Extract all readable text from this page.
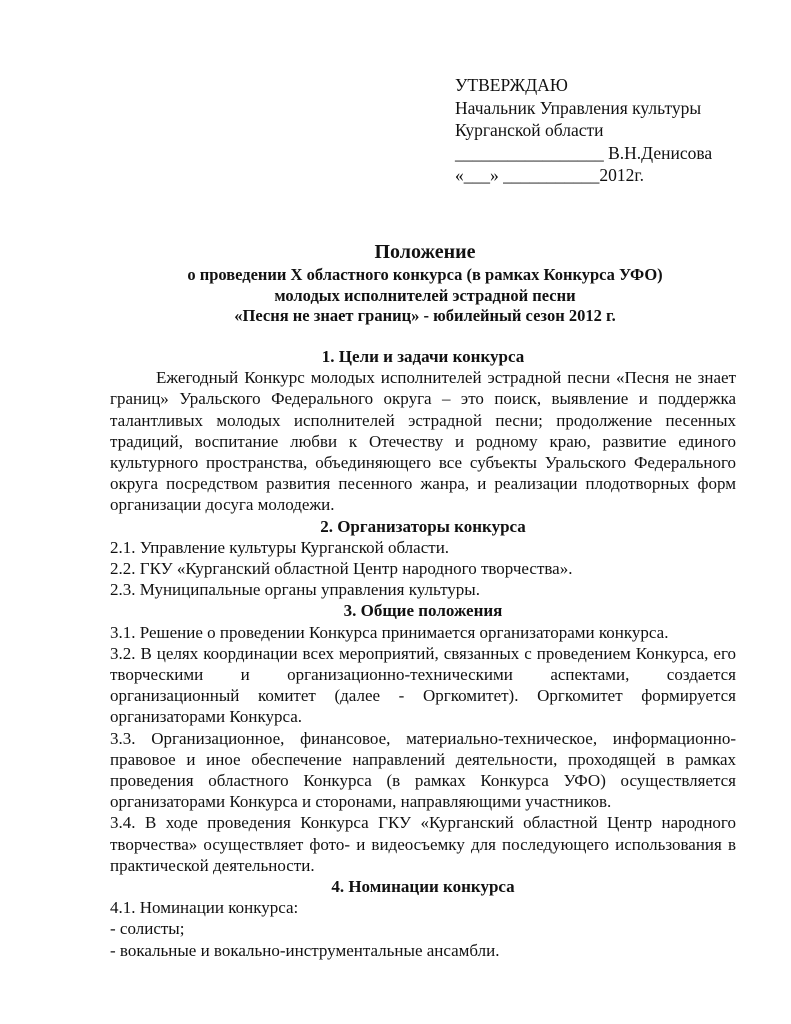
УТВЕРЖДАЮ
Начальник Управления культуры
Курганской области
_________________ В.Н.Денисова
«___» ___________2012г.
Положение
о проведении X областного конкурса (в рамках Конкурса УФО)
молодых исполнителей эстрадной песни
«Песня не знает границ» - юбилейный сезон 2012 г.

1. Цели и задачи конкурса

Ежегодный Конкурс молодых исполнителей эстрадной песни «Песня не знает границ» Уральского Федерального округа – это поиск, выявление и поддержка талантливых молодых исполнителей эстрадной песни; продолжение песенных традиций, воспитание любви к Отечеству и родному краю, развитие единого культурного пространства, объединяющего все субъекты Уральского Федерального округа посредством развития песенного жанра, и реализации плодотворных форм организации досуга молодежи.

2. Организаторы конкурса

2.1. Управление культуры Курганской области.

2.2. ГКУ «Курганский областной Центр народного творчества».

2.3. Муниципальные органы управления культуры.

3. Общие положения

3.1. Решение о проведении Конкурса принимается организаторами конкурса.

3.2. В целях координации всех мероприятий, связанных с проведением Конкурса, его творческими и организационно-техническими аспектами, создается организационный комитет (далее - Оргкомитет). Оргкомитет формируется организаторами Конкурса.

3.3. Организационное, финансовое, материально-техническое, информационно-правовое и иное обеспечение направлений деятельности, проходящей в рамках проведения областного Конкурса (в рамках Конкурса УФО) осуществляется организаторами Конкурса и сторонами, направляющими участников.

3.4. В ходе проведения Конкурса ГКУ «Курганский областной Центр народного творчества» осуществляет фото- и видеосъемку для последующего использования в практической деятельности.

4. Номинации конкурса

4.1. Номинации конкурса:

- солисты;

- вокальные и вокально-инструментальные ансамбли.
